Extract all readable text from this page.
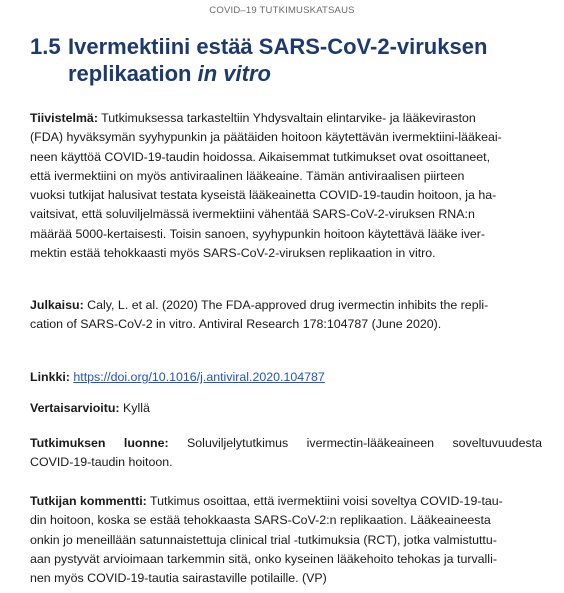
COVID–19 TUTKIMUSKATSAUS
1.5 Ivermektiini estää SARS-CoV-2-viruksen
replikaation in vitro
Tiivistelmä: Tutkimuksessa tarkasteltiin Yhdysvaltain elintarvike- ja lääkeviraston
(FDA) hyväksymän syyhypunkin ja päätäiden hoitoon käytettävän ivermektiini-lääkeai-
neen käyttöä COVID-19-taudin hoidossa. Aikaisemmat tutkimukset ovat osoittaneet,
että ivermektiini on myös antiviraalinen lääkeaine. Tämän antiviraalisen piirteen
vuoksi tutkijat halusivat testata kyseistä lääkeainetta COVID-19-taudin hoitoon, ja ha-
vaitsivat, että soluviljelmässä ivermektiini vähentää SARS-CoV-2-viruksen RNA:n
määrää 5000-kertaisesti. Toisin sanoen, syyhypunkin hoitoon käytettävä lääke iver-
mektin estää tehokkaasti myös SARS-CoV-2-viruksen replikaation in vitro.
Julkaisu: Caly, L. et al. (2020) The FDA-approved drug ivermectin inhibits the repli-
cation of SARS-CoV-2 in vitro. Antiviral Research 178:104787 (June 2020).
Linkki: https://doi.org/10.1016/j.antiviral.2020.104787
Vertaisarvioitu: Kyllä
Tutkimuksen luonne: Soluviljelytutkimus ivermectin-lääkeaineen soveltuvuudesta
COVID-19-taudin hoitoon.
Tutkijan kommentti: Tutkimus osoittaa, että ivermektiini voisi soveltya COVID-19-tau-
din hoitoon, koska se estää tehokkaasta SARS-CoV-2:n replikaation. Lääkeaineesta
onkin jo meneillään satunnaistettuja clinical trial -tutkimuksia (RCT), jotka valmistuttu-
aan pystyvät arvioimaan tarkemmin sitä, onko kyseinen lääkehoito tehokas ja turvalli-
nen myös COVID-19-tautia sairastaville potilaille. (VP)
